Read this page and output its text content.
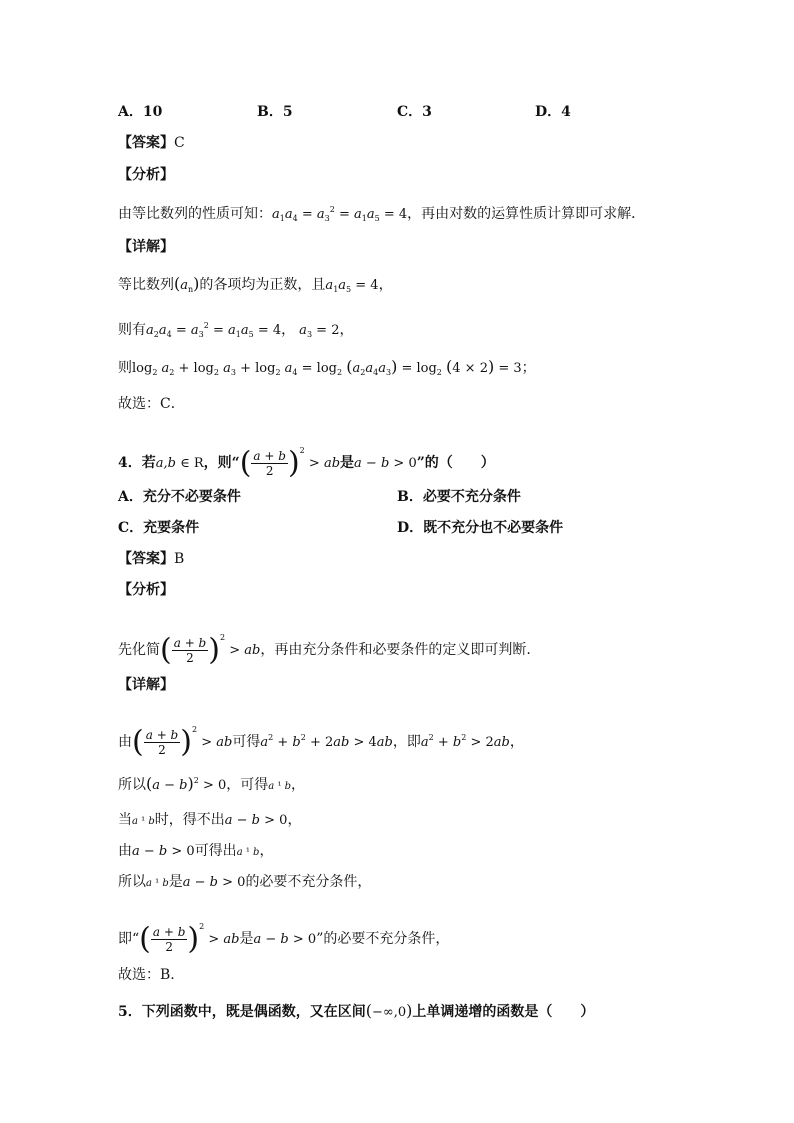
A．10	B．5	C．3	D．4
【答案】C
【分析】
由等比数列的性质可知：$a_1a_4 = a_3^2 = a_1a_5 = 4$，再由对数的运算性质计算即可求解．
【详解】
等比数列$(a_n)$的各项均为正数，且$a_1a_5 = 4$，
则有$a_2a_4 = a_3^2 = a_1a_5 = 4$， $a_3 = 2$，
则$\log_2 a_2 + \log_2 a_3 + \log_2 a_4 = \log_2 (a_2a_4a_3) = \log_2 (4 \times 2) = 3$；
故选：C．
4．若a,b ∈ R，则“( $\frac{a + b}{2} )^2$ > ab是a − b > 0”的（　　）
A．充分不必要条件	B．必要不充分条件
C．充要条件	D．既不充分也不必要条件
【答案】B
【分析】
先化简( $\frac{a + b}{2} )^2$ > ab，再由充分条件和必要条件的定义即可判断.
【详解】
由( $\frac{a + b}{2} )^2$ > ab可得$a^2 + b^2 + 2ab > 4ab$，即$a^2 + b^2 > 2ab$，
所以$(a - b)^2 > 0$，可得a ¹ b，
当a ¹ b时，得不出a − b > 0，
由a − b > 0可得出a ¹ b，
所以a ¹ b是a − b > 0的必要不充分条件，
即“( $\frac{a + b}{2} )^2$ > ab是a − b > 0”的必要不充分条件，
故选：B.
5．下列函数中，既是偶函数，又在区间(−∞,0)上单调递增的函数是（　　）
